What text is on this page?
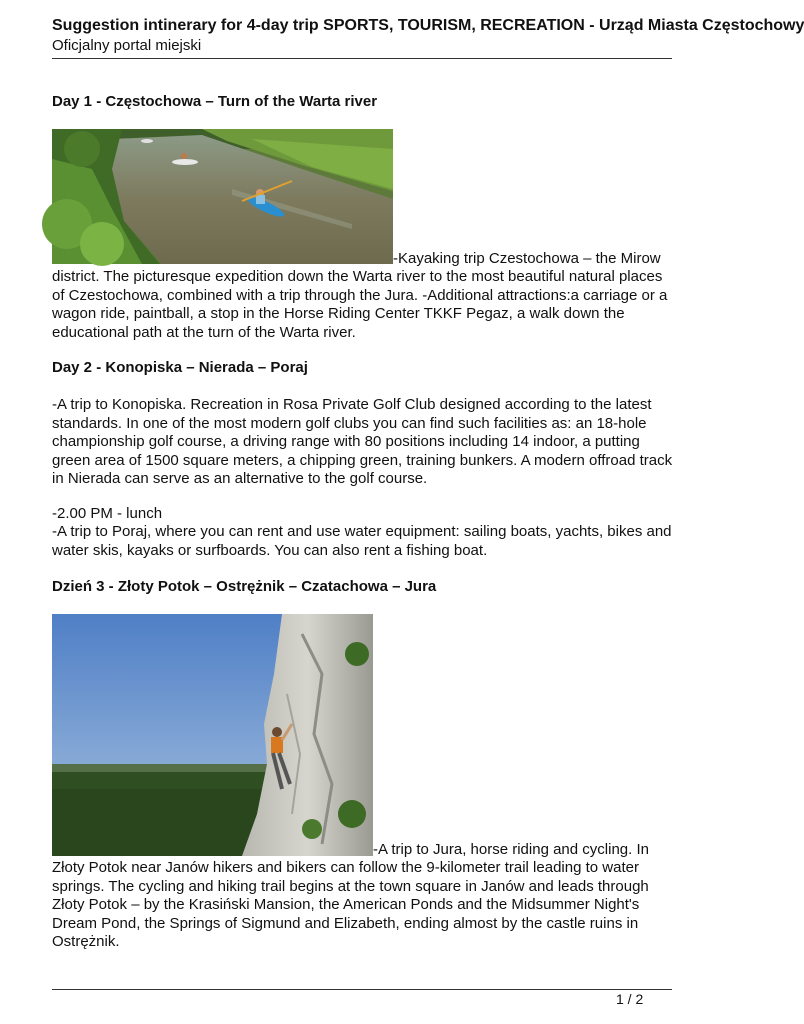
Suggestion intinerary for 4-day trip SPORTS, TOURISM, RECREATION - Urząd Miasta Częstochowy
Oficjalny portal miejski
Day 1 - Częstochowa – Turn of the Warta river
-Kayaking trip Czestochowa – the Mirow
district. The picturesque expedition down the Warta river to the most beautiful natural places of Czestochowa, combined with a trip through the Jura. -Additional attractions:a carriage or a wagon ride, paintball, a stop in the Horse Riding Center TKKF Pegaz, a walk down the educational path at the turn of the Warta river.
Day 2 - Konopiska – Nierada – Poraj
-A trip to Konopiska. Recreation in Rosa Private Golf Club designed according to the latest standards. In one of the most modern golf clubs you can find such facilities as: an 18-hole championship golf course, a driving range with 80 positions including 14 indoor, a putting green area of 1500 square meters, a chipping green, training bunkers. A modern offroad track in Nierada can serve as an alternative to the golf course.
-2.00 PM - lunch
-A trip to Poraj, where you can rent and use water equipment: sailing boats, yachts, bikes and water skis, kayaks or surfboards. You can also rent a fishing boat.
Dzień 3 - Złoty Potok – Ostrężnik – Czatachowa – Jura
-A trip to Jura, horse riding and cycling. In
Złoty Potok near Janów hikers and bikers can follow the 9-kilometer trail leading to water springs. The cycling and hiking trail begins at the town square in Janów and leads through Złoty Potok – by the Krasiński Mansion, the American Ponds and the Midsummer Night's Dream Pond, the Springs of Sigmund and Elizabeth, ending almost by the castle ruins in Ostrężnik.
1 / 2
